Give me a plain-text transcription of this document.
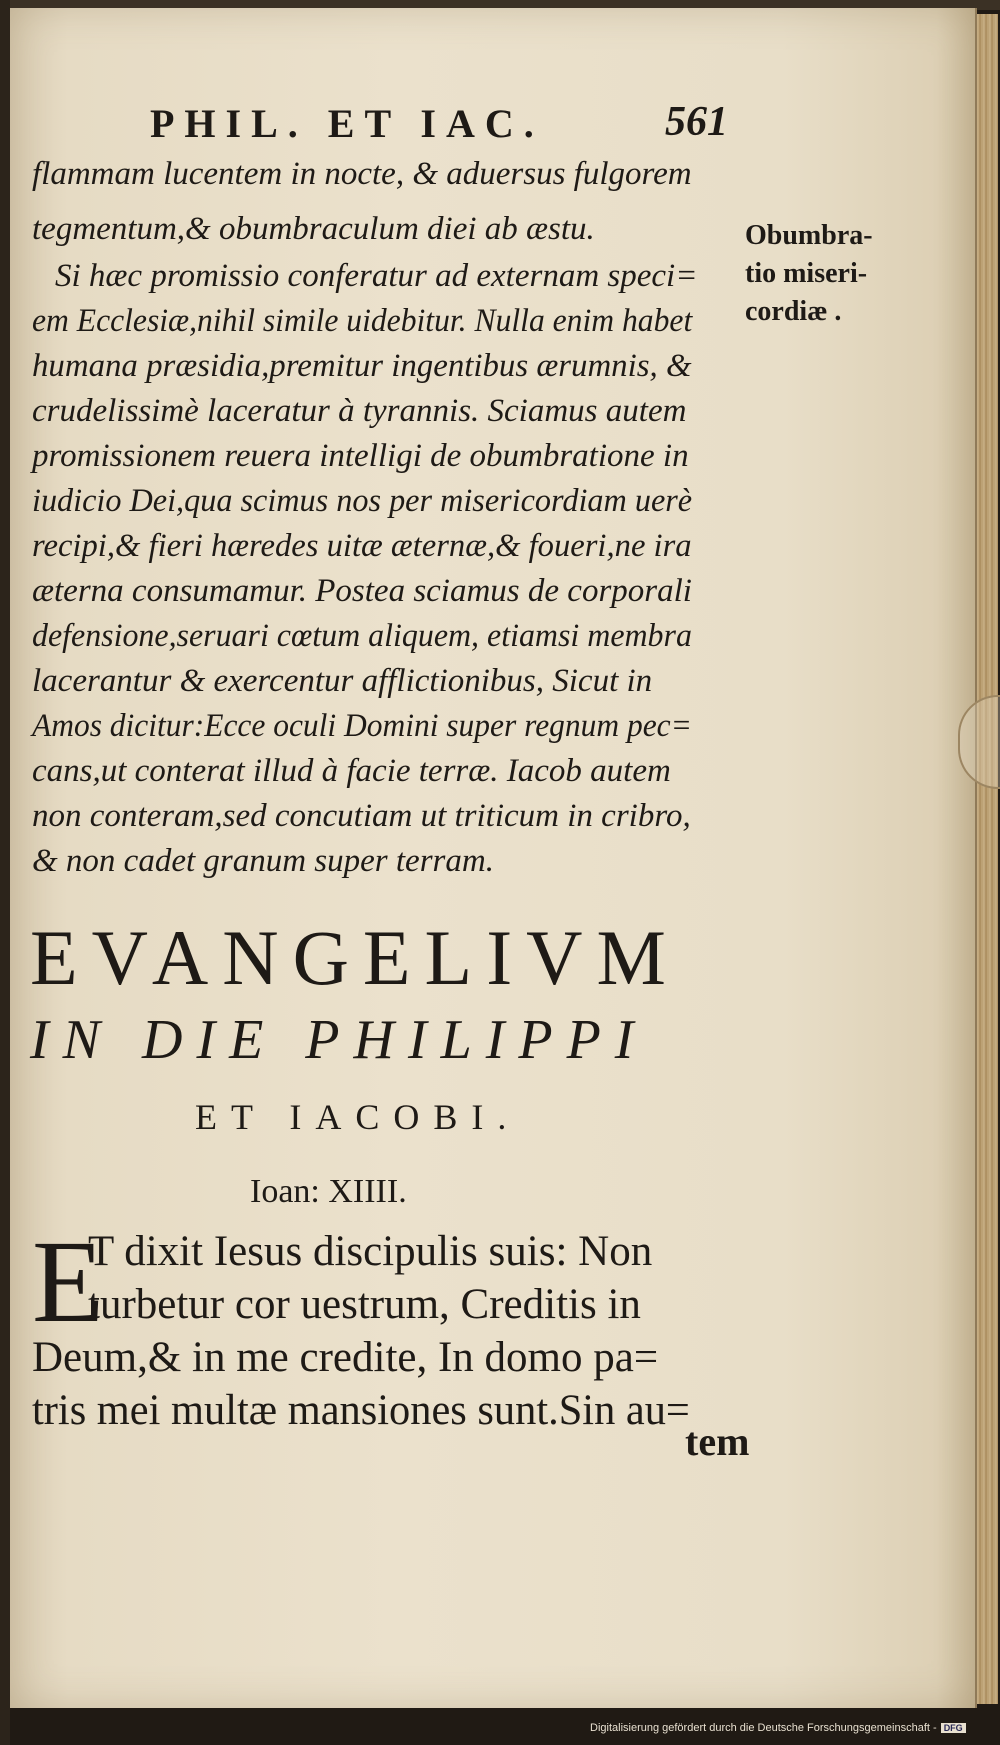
PHIL. ET IAC.	561
flammam lucentem in nocte, & aduersus fulgorem
tegmentum,& obumbraculum diei ab æstu.
Si hæc promissio conferatur ad externam speci=
em Ecclesiæ,nihil simile uidebitur. Nulla enim habet
humana præsidia,premitur ingentibus ærumnis, &
crudelissimè laceratur à tyrannis. Sciamus autem
promissionem reuera intelligi de obumbratione in
iudicio Dei,qua scimus nos per misericordiam uerè
recipi,& fieri hæredes uitæ æternæ,& foueri,ne ira
æterna consumamur. Postea sciamus de corporali
defensione,seruari cœtum aliquem, etiamsi membra
lacerantur & exercentur afflictionibus, Sicut in
Amos dicitur:Ecce oculi Domini super regnum pec=
cans,ut conterat illud à facie terræ. Iacob autem
non conteram,sed concutiam ut triticum in cribro,
& non cadet granum super terram.
Obumbra-
tio miseri-
cordiæ .
EVANGELIVM
IN DIE PHILIPPI
ET IACOBI.
Ioan: XIIII.
E
T dixit Iesus discipulis suis: Non
turbetur cor uestrum, Creditis in
Deum,& in me credite, In domo pa=
tris mei multæ mansiones sunt.Sin au=
tem
Digitalisierung gefördert durch die Deutsche Forschungsgemeinschaft - DFG
